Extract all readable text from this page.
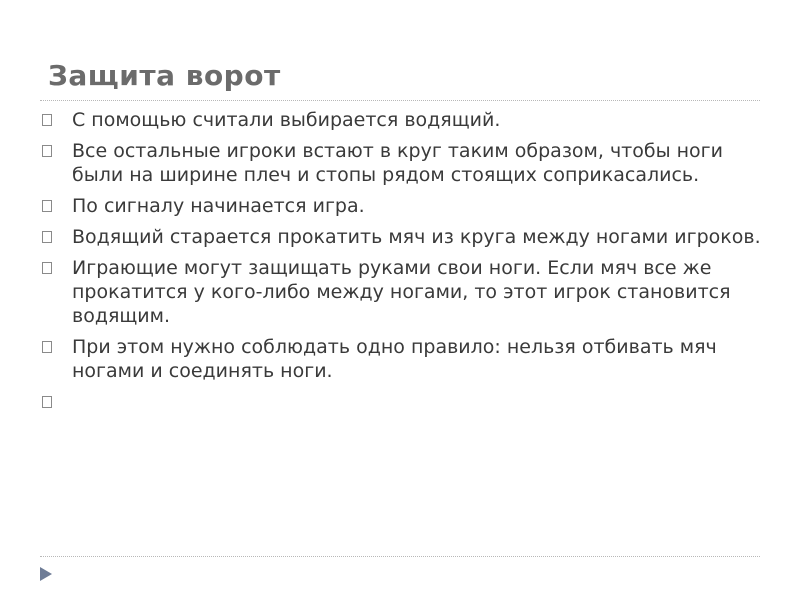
Защита ворот
С помощью считали выбирается водящий.
Все остальные игроки встают в круг таким образом, чтобы ноги были на ширине плеч и стопы рядом стоящих соприкасались.
По сигналу начинается игра.
Водящий старается прокатить мяч из круга между ногами игроков.
Играющие могут защищать руками свои ноги. Если мяч все же прокатится у кого-либо между ногами, то этот игрок становится водящим.
При этом нужно соблюдать одно правило: нельзя отбивать мяч ногами и соединять ноги.
